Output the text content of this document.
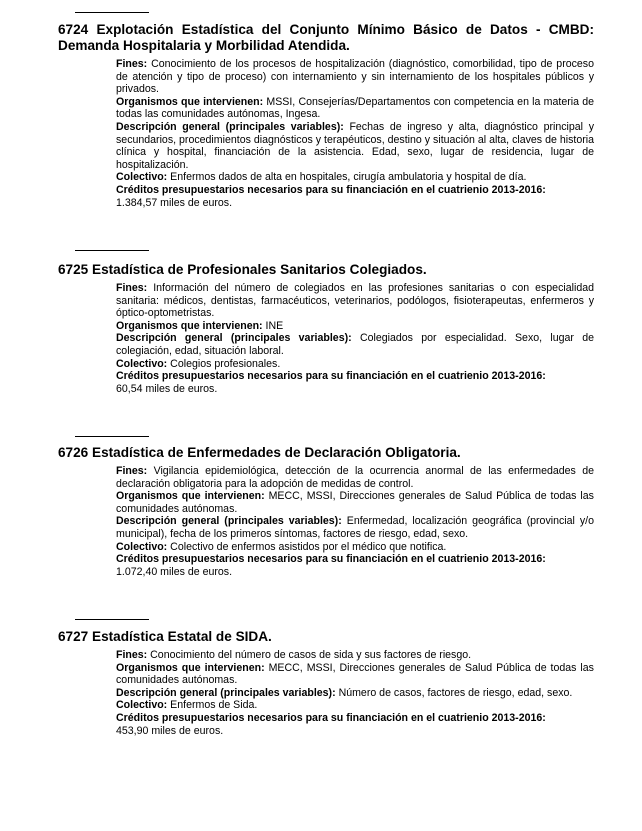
6724 Explotación Estadística del Conjunto Mínimo Básico de Datos - CMBD: Demanda Hospitalaria y Morbilidad Atendida.

Fines: Conocimiento de los procesos de hospitalización (diagnóstico, comorbilidad, tipo de proceso de atención y tipo de proceso) con internamiento y sin internamiento de los hospitales públicos y privados.

Organismos que intervienen: MSSI, Consejerías/Departamentos con competencia en la materia de todas las comunidades autónomas, Ingesa.

Descripción general (principales variables): Fechas de ingreso y alta, diagnóstico principal y secundarios, procedimientos diagnósticos y terapéuticos, destino y situación al alta, claves de historia clínica y hospital, financiación de la asistencia. Edad, sexo, lugar de residencia, lugar de hospitalización.

Colectivo: Enfermos dados de alta en hospitales, cirugía ambulatoria y hospital de día.

Créditos presupuestarios necesarios para su financiación en el cuatrienio 2013-2016:
1.384,57 miles de euros.

6725 Estadística de Profesionales Sanitarios Colegiados.

Fines: Información del número de colegiados en las profesiones sanitarias o con especialidad sanitaria: médicos, dentistas, farmacéuticos, veterinarios, podólogos, fisioterapeutas, enfermeros y óptico-optometristas.

Organismos que intervienen: INE

Descripción general (principales variables): Colegiados por especialidad. Sexo, lugar de colegiación, edad, situación laboral.

Colectivo: Colegios profesionales.

Créditos presupuestarios necesarios para su financiación en el cuatrienio 2013-2016:
60,54 miles de euros.

6726 Estadística de Enfermedades de Declaración Obligatoria.

Fines: Vigilancia epidemiológica, detección de la ocurrencia anormal de las enfermedades de declaración obligatoria para la adopción de medidas de control.

Organismos que intervienen: MECC, MSSI, Direcciones generales de Salud Pública de todas las comunidades autónomas.

Descripción general (principales variables): Enfermedad, localización geográfica (provincial y/o municipal), fecha de los primeros síntomas, factores de riesgo, edad, sexo.

Colectivo: Colectivo de enfermos asistidos por el médico que notifica.

Créditos presupuestarios necesarios para su financiación en el cuatrienio 2013-2016:
1.072,40 miles de euros.

6727 Estadística Estatal de SIDA.

Fines: Conocimiento del número de casos de sida y sus factores de riesgo.

Organismos que intervienen: MECC, MSSI, Direcciones generales de Salud Pública de todas las comunidades autónomas.

Descripción general (principales variables): Número de casos, factores de riesgo, edad, sexo.

Colectivo: Enfermos de Sida.

Créditos presupuestarios necesarios para su financiación en el cuatrienio 2013-2016:
453,90 miles de euros.
